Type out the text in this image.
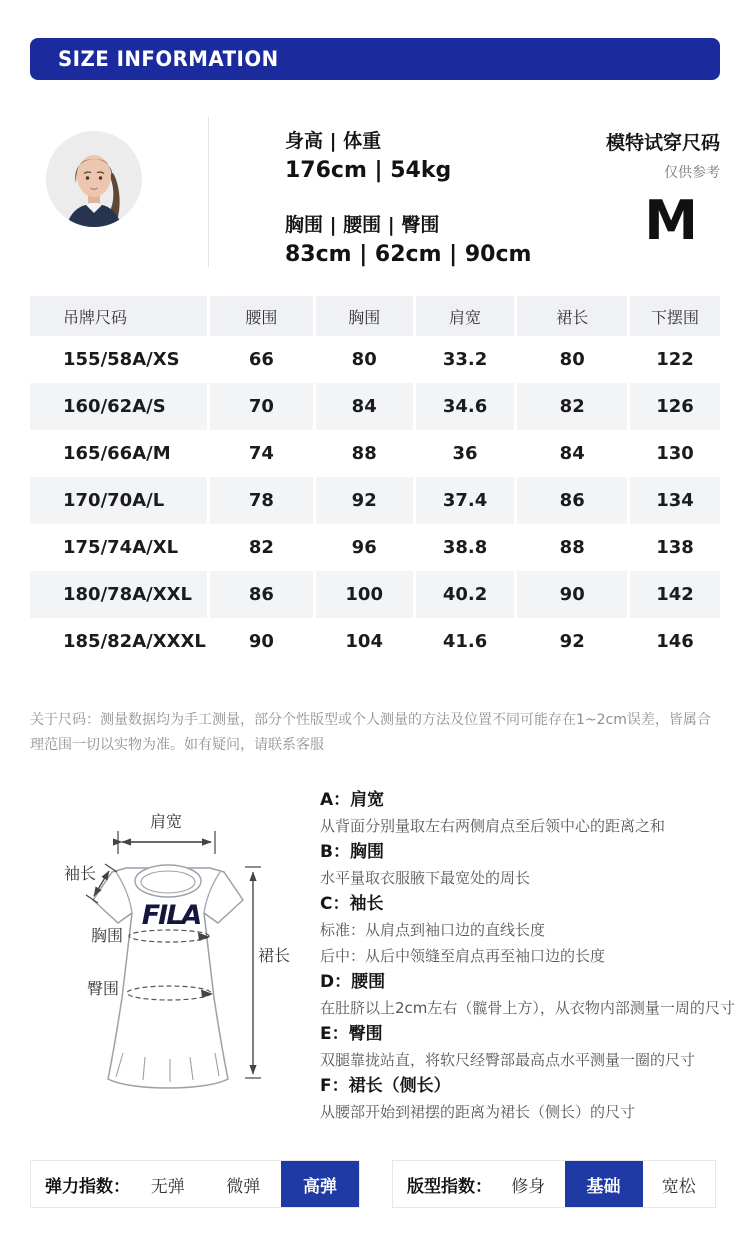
SIZE INFORMATION
身高 | 体重
176cm | 54kg
胸围 | 腰围 | 臀围
83cm | 62cm | 90cm
模特试穿尺码
仅供参考
M
吊牌尺码	腰围	胸围	肩宽	裙长	下摆围
155/58A/XS	66	80	33.2	80	122
160/62A/S	70	84	34.6	82	126
165/66A/M	74	88	36	84	130
170/70A/L	78	92	37.4	86	134
175/74A/XL	82	96	38.8	88	138
180/78A/XXL	86	100	40.2	90	142
185/82A/XXXL	90	104	41.6	92	146
关于尺码：测量数据均为手工测量，部分个性版型或个人测量的方法及位置不同可能存在1~2cm误差，皆属合理范围一切以实物为准。如有疑问，请联系客服
FILA
肩宽
袖长
胸围
臀围
裙长
A：肩宽
从背面分别量取左右两侧肩点至后领中心的距离之和
B：胸围
水平量取衣服腋下最宽处的周长
C：袖长
标准：从肩点到袖口边的直线长度
后中：从后中领缝至肩点再至袖口边的长度
D：腰围
在肚脐以上2cm左右（髋骨上方），从衣物内部测量一周的尺寸
E：臀围
双腿靠拢站直，将软尺经臀部最高点水平测量一圈的尺寸
F：裙长（侧长）
从腰部开始到裙摆的距离为裙长（侧长）的尺寸
弹力指数：	无弹	微弹	高弹	版型指数：	修身	基础	宽松
